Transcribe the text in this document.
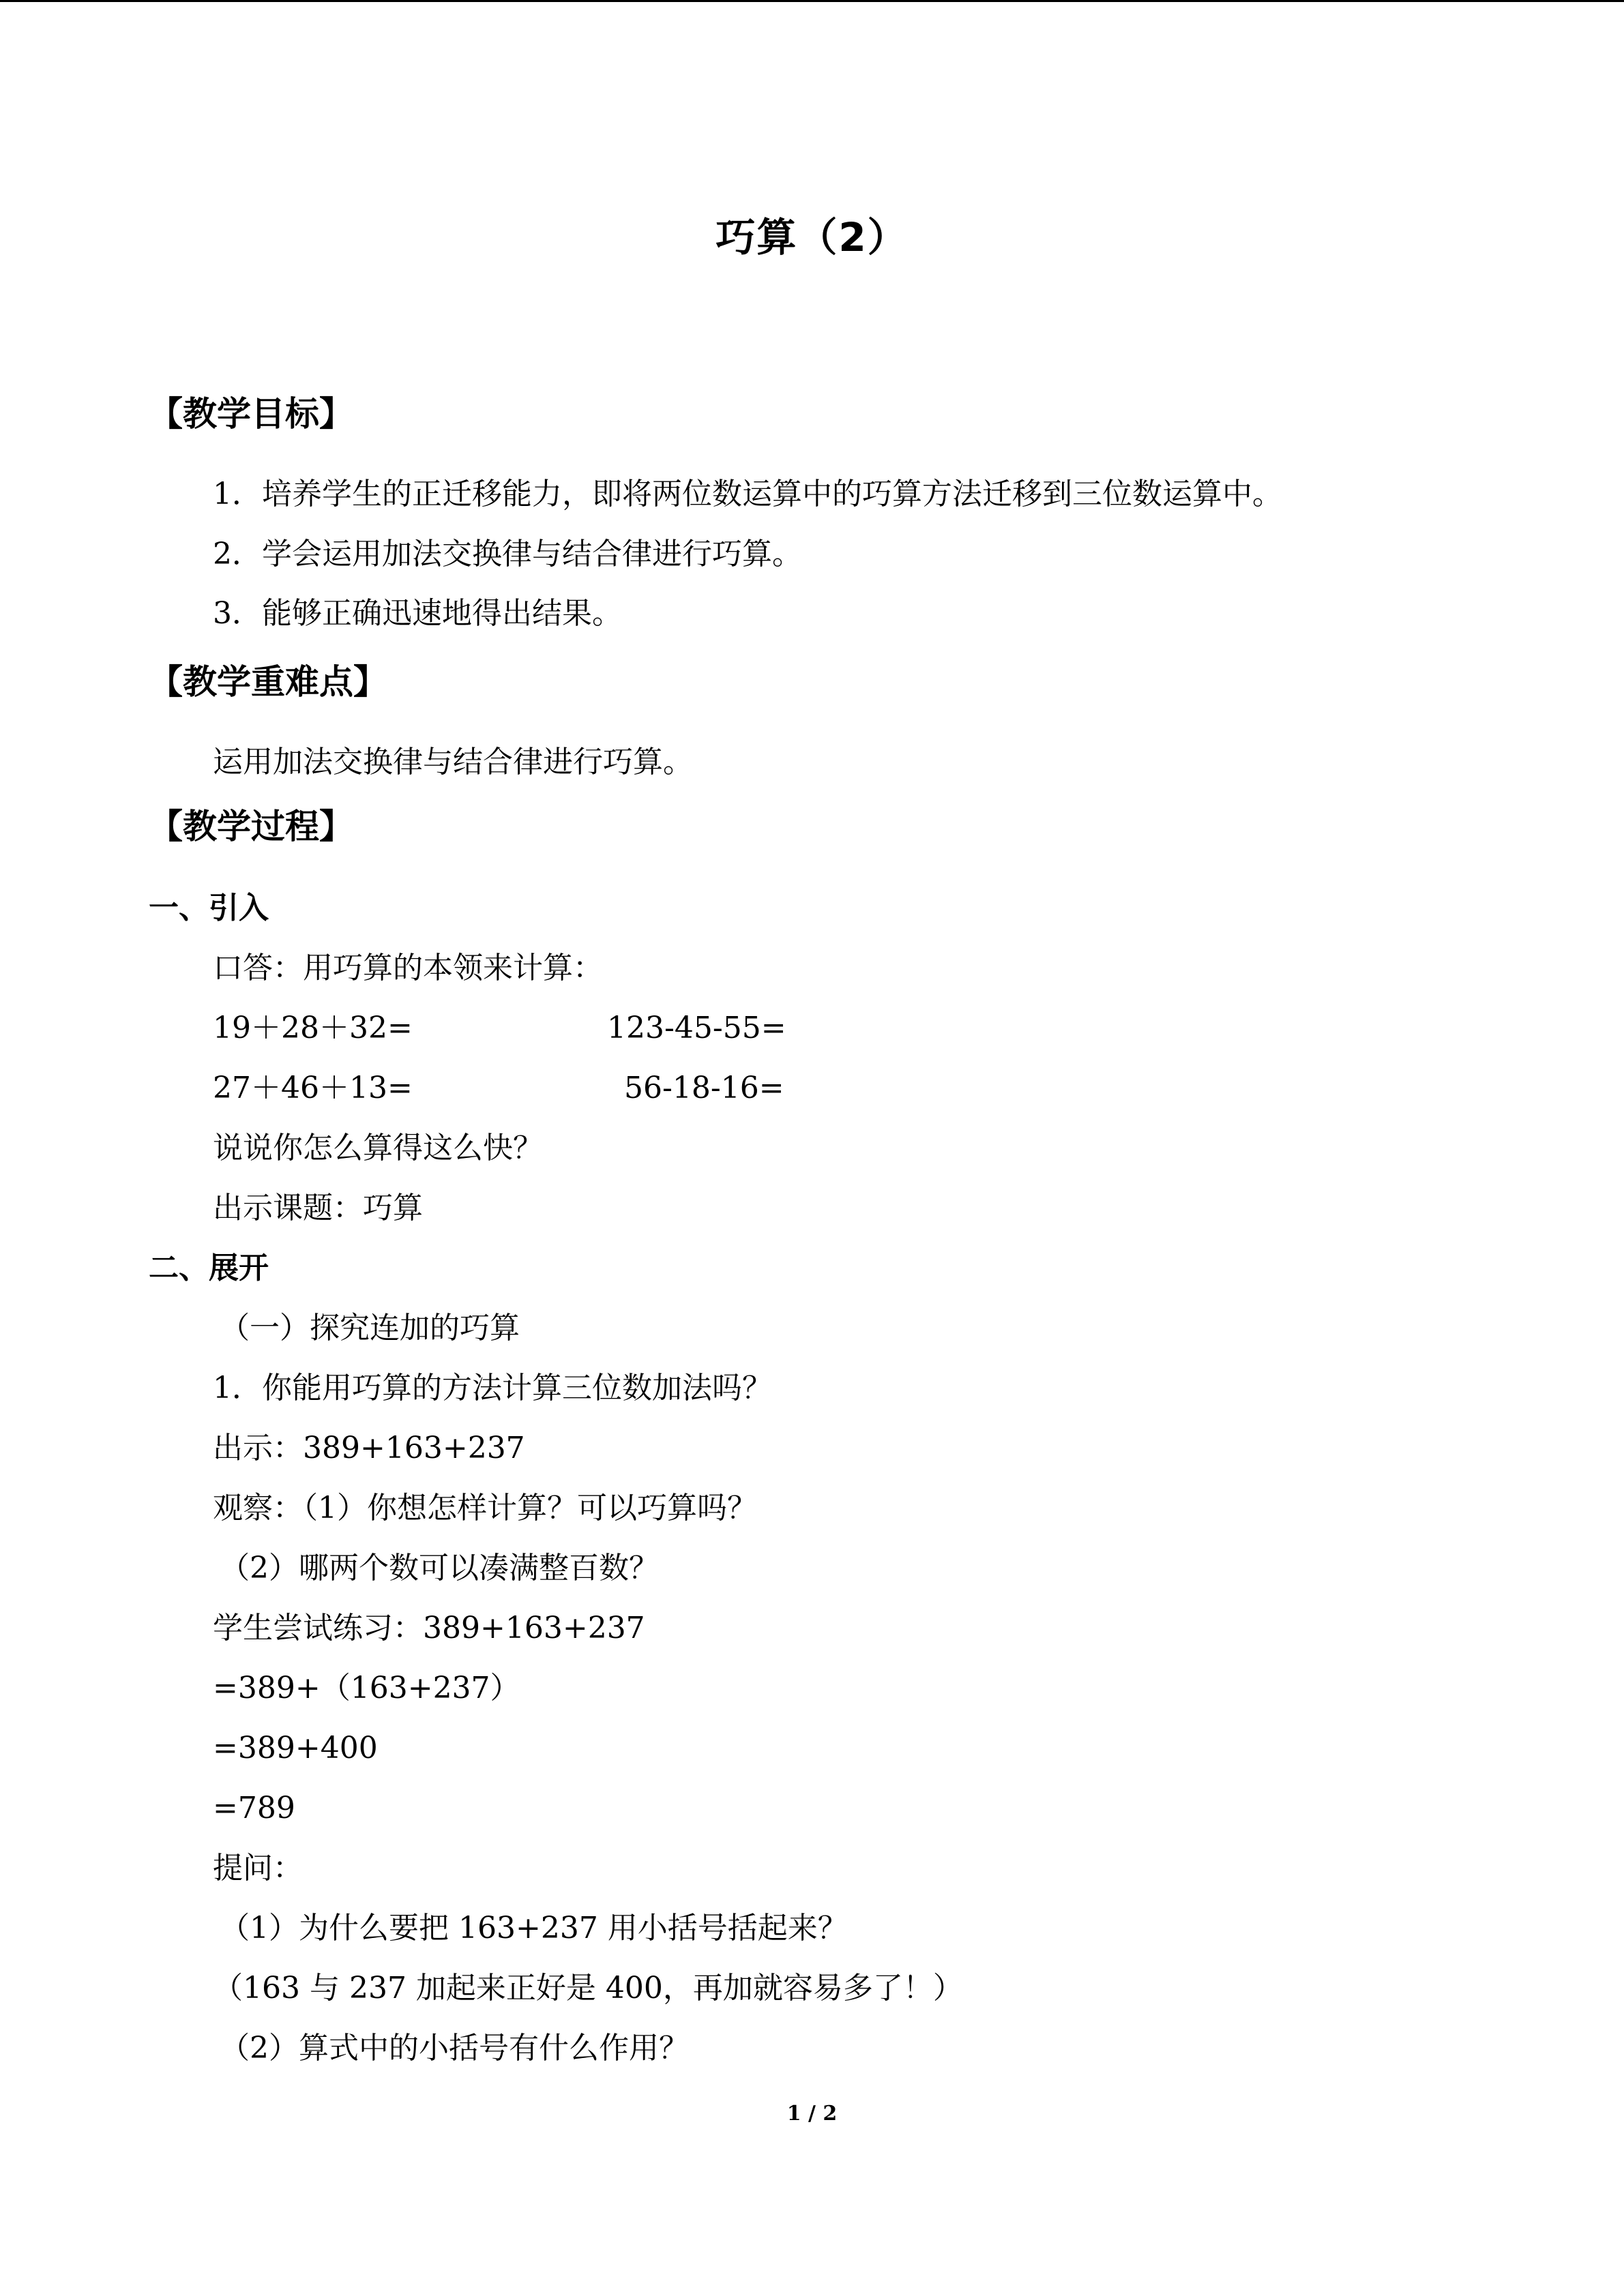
巧算（2）
【教学目标】
1．培养学生的正迁移能力，即将两位数运算中的巧算方法迁移到三位数运算中。
2．学会运用加法交换律与结合律进行巧算。
3．能够正确迅速地得出结果。
【教学重难点】
运用加法交换律与结合律进行巧算。
【教学过程】
一、引入
口答：用巧算的本领来计算：
19＋28＋32=	123-45-55=
27＋46＋13=	56-18-16=
说说你怎么算得这么快？
出示课题：巧算
二、展开
（一）探究连加的巧算
1．你能用巧算的方法计算三位数加法吗？
出示：389+163+237
观察：（1）你想怎样计算？可以巧算吗？
（2）哪两个数可以凑满整百数？
学生尝试练习：389+163+237
=389+（163+237）
=389+400
=789
提问：
（1）为什么要把 163+237 用小括号括起来？
（163 与 237 加起来正好是 400，再加就容易多了！）
（2）算式中的小括号有什么作用？
1 / 2
